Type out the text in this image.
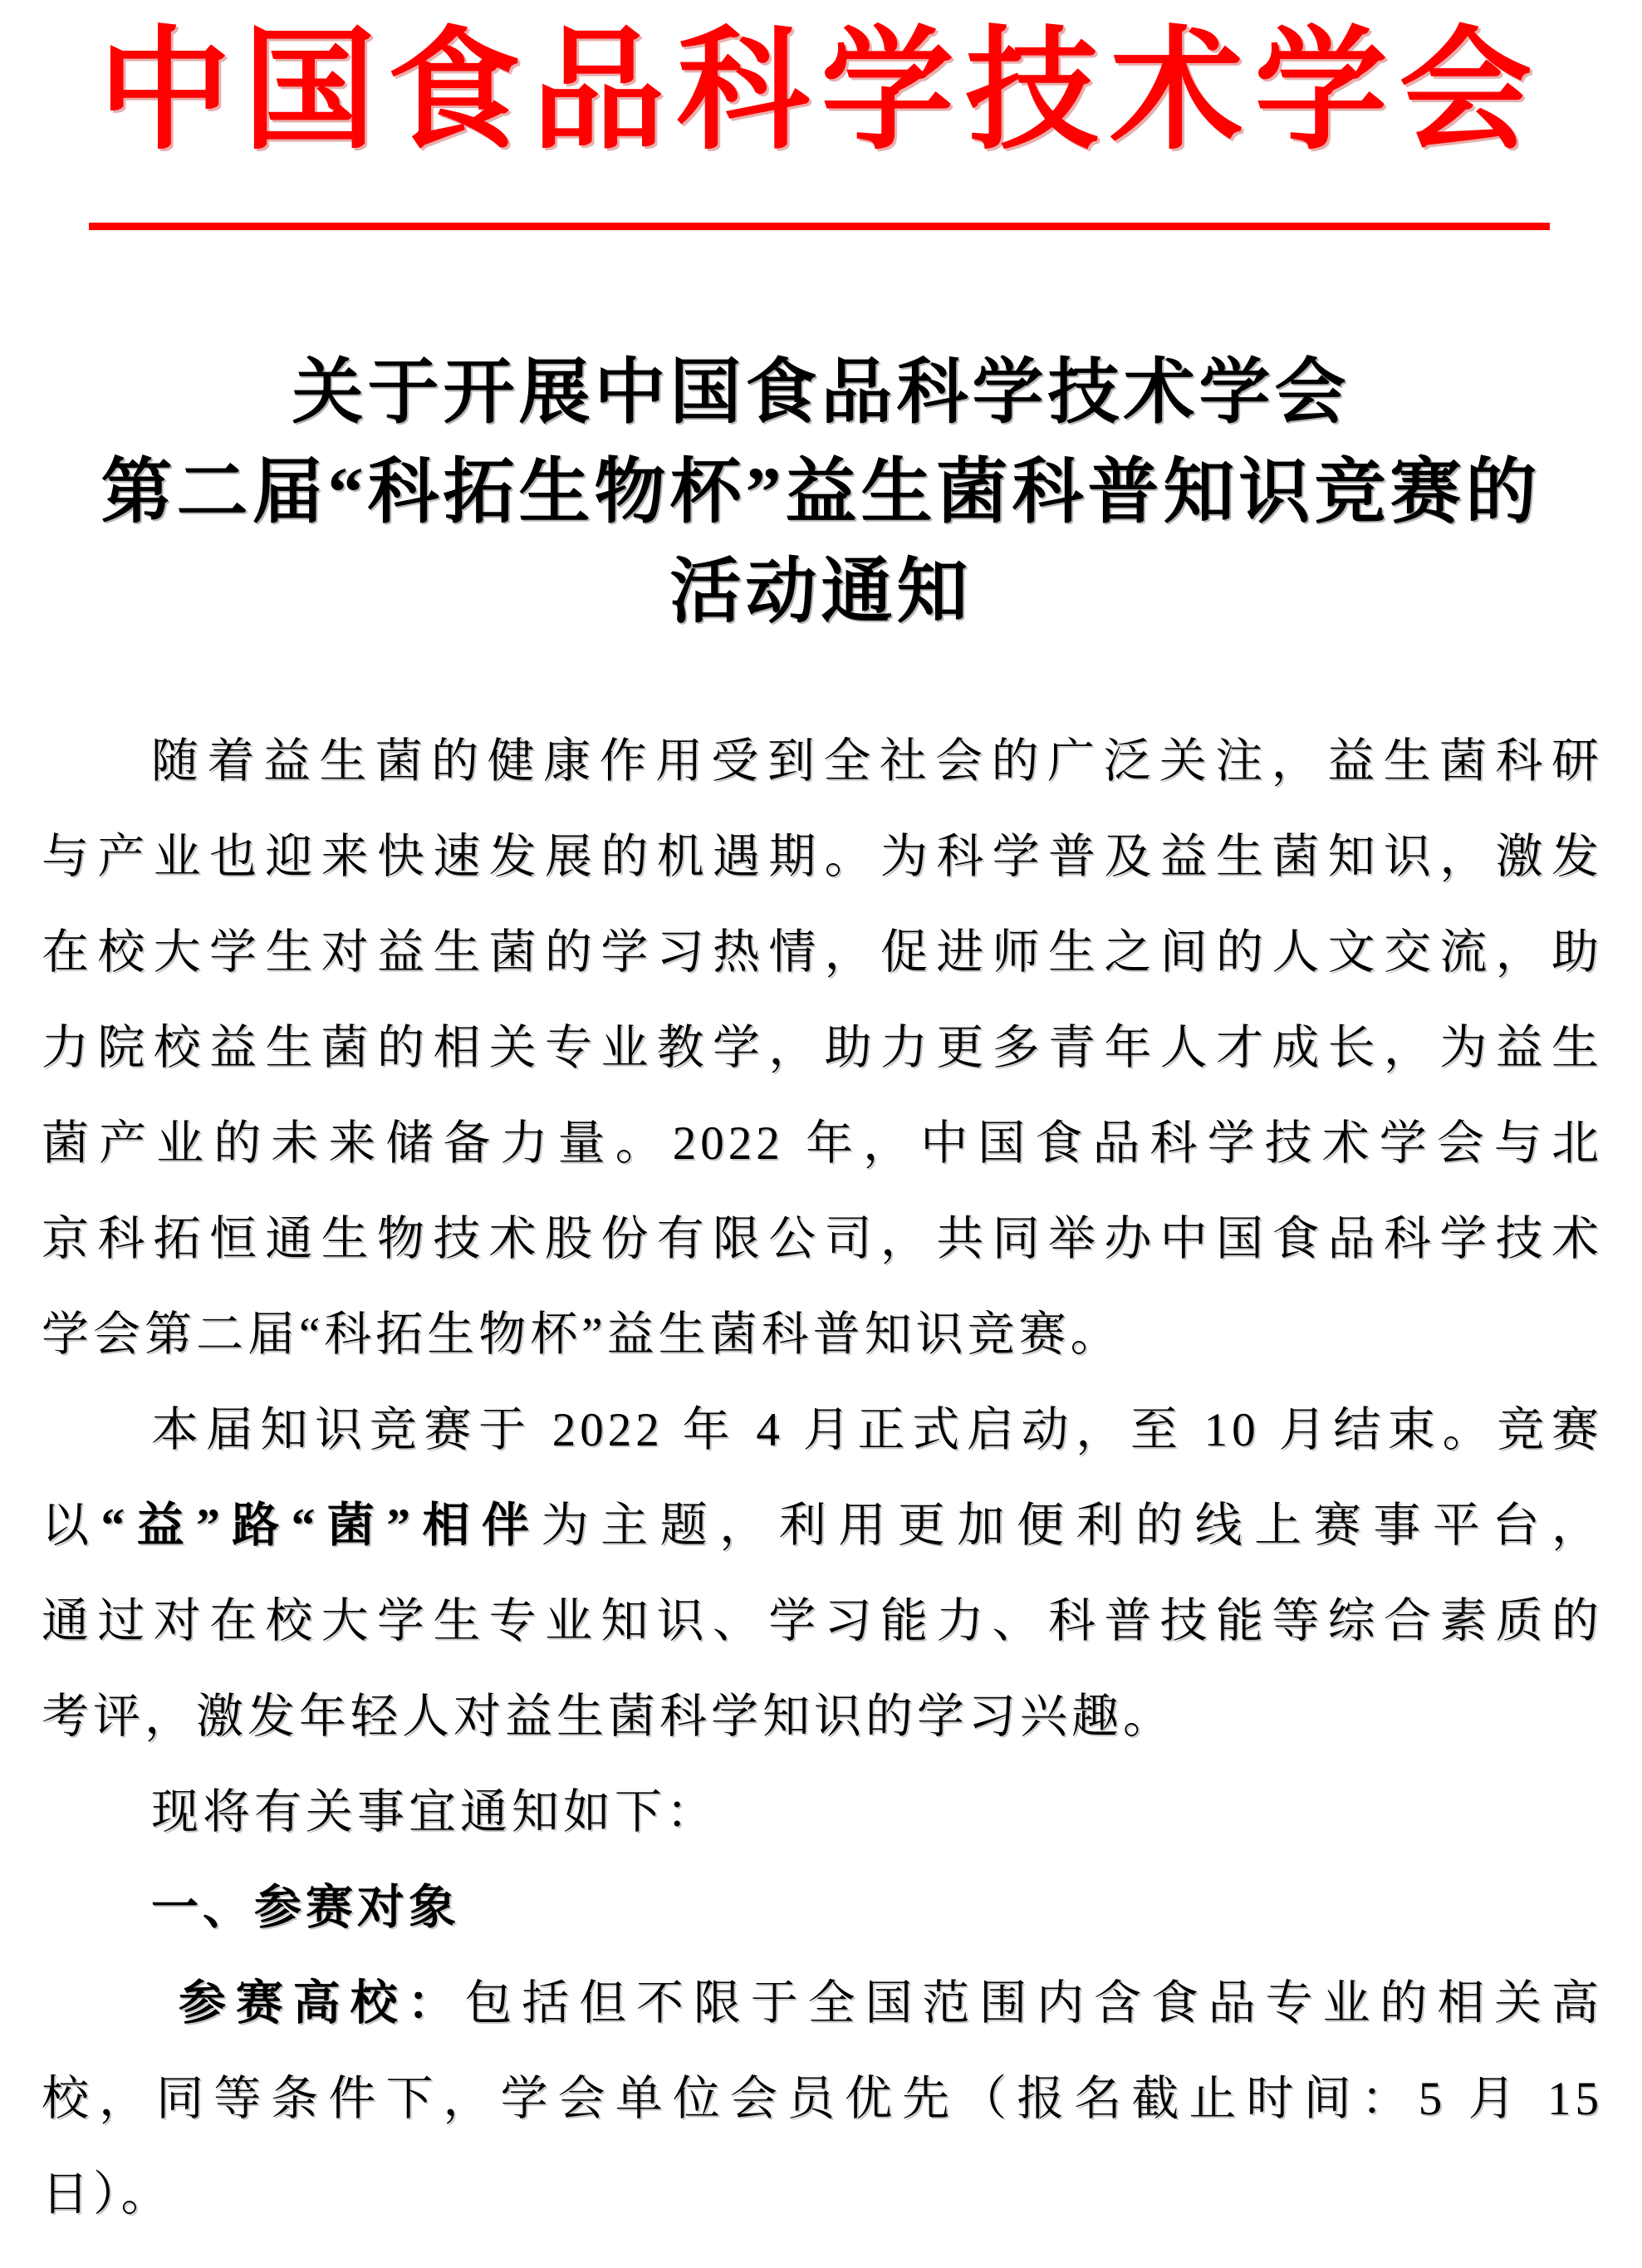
中国食品科学技术学会
关于开展中国食品科学技术学会
第二届“科拓生物杯”益生菌科普知识竞赛的
活动通知
随着益生菌的健康作用受到全社会的广泛关注，益生菌科研
与产业也迎来快速发展的机遇期。为科学普及益生菌知识，激发
在校大学生对益生菌的学习热情，促进师生之间的人文交流，助
力院校益生菌的相关专业教学，助力更多青年人才成长，为益生
菌产业的未来储备力量。2022 年，中国食品科学技术学会与北
京科拓恒通生物技术股份有限公司，共同举办中国食品科学技术
学会第二届“科拓生物杯”益生菌科普知识竞赛。
本届知识竞赛于 2022 年 4 月正式启动，至 10 月结束。竞赛
以“益”路“菌”相伴为主题，利用更加便利的线上赛事平台，
通过对在校大学生专业知识、学习能力、科普技能等综合素质的
考评，激发年轻人对益生菌科学知识的学习兴趣。
现将有关事宜通知如下：
一、参赛对象
参赛高校：包括但不限于全国范围内含食品专业的相关高
校，同等条件下，学会单位会员优先（报名截止时间：5 月 15
日）。
